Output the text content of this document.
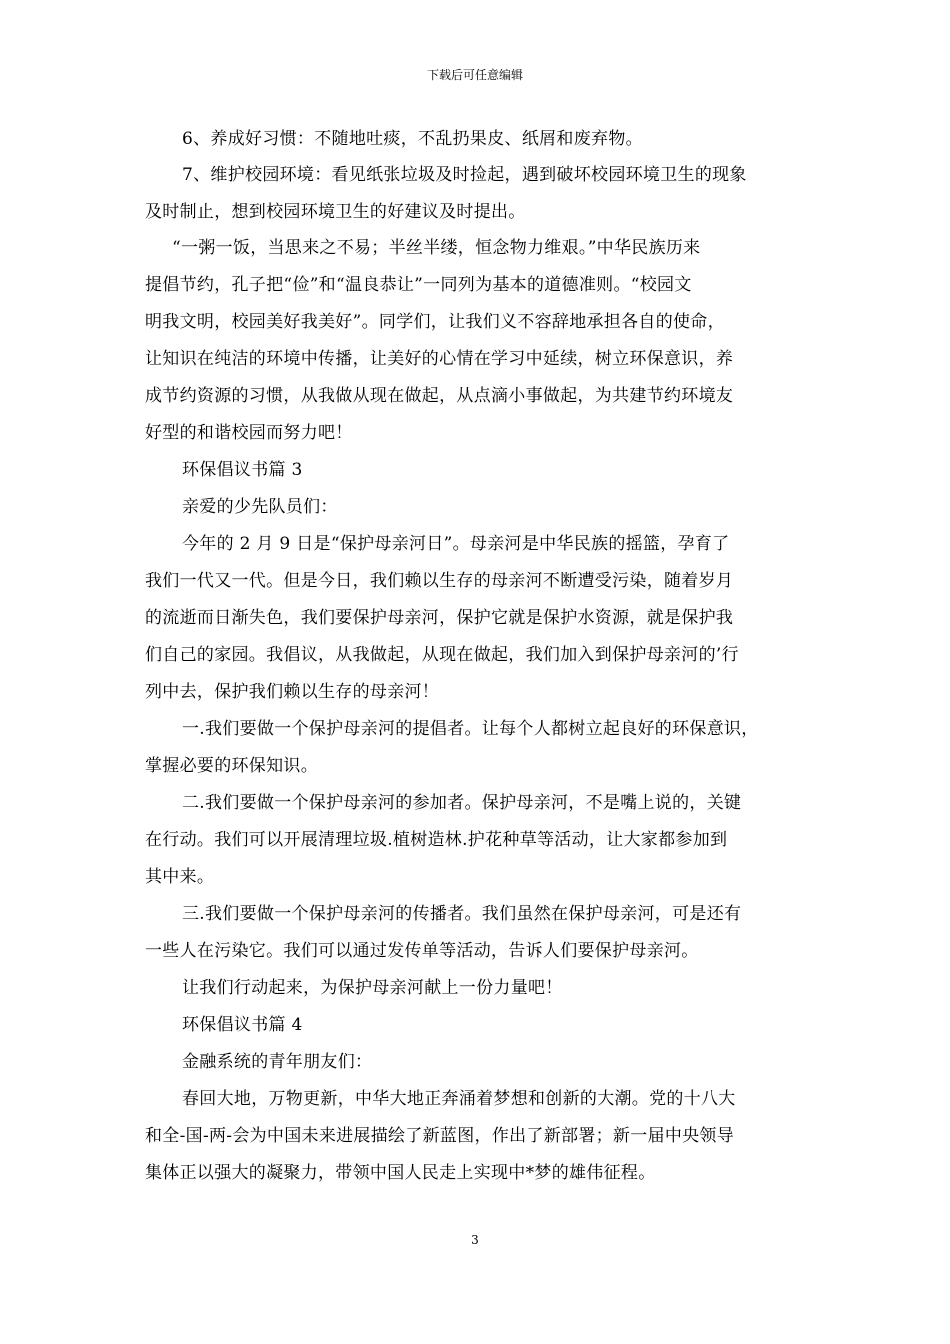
下载后可任意编辑
6、养成好习惯：不随地吐痰，不乱扔果皮、纸屑和废弃物。
7、维护校园环境：看见纸张垃圾及时捡起，遇到破坏校园环境卫生的现象
及时制止，想到校园环境卫生的好建议及时提出。
“一粥一饭，当思来之不易；半丝半缕，恒念物力维艰。”中华民族历来
提倡节约，孔子把“俭”和“温良恭让”一同列为基本的道德准则。“校园文
明我文明，校园美好我美好”。同学们，让我们义不容辞地承担各自的使命，
让知识在纯洁的环境中传播，让美好的心情在学习中延续，树立环保意识，养
成节约资源的习惯，从我做从现在做起，从点滴小事做起，为共建节约环境友
好型的和谐校园而努力吧！
环保倡议书篇 3
亲爱的少先队员们：
今年的 2 月 9 日是“保护母亲河日”。母亲河是中华民族的摇篮，孕育了
我们一代又一代。但是今日，我们赖以生存的母亲河不断遭受污染，随着岁月
的流逝而日渐失色，我们要保护母亲河，保护它就是保护水资源，就是保护我
们自己的家园。我倡议，从我做起，从现在做起，我们加入到保护母亲河的’行
列中去，保护我们赖以生存的母亲河！
一.我们要做一个保护母亲河的提倡者。让每个人都树立起良好的环保意识，
掌握必要的环保知识。
二.我们要做一个保护母亲河的参加者。保护母亲河，不是嘴上说的，关键
在行动。我们可以开展清理垃圾.植树造林.护花种草等活动，让大家都参加到
其中来。
三.我们要做一个保护母亲河的传播者。我们虽然在保护母亲河，可是还有
一些人在污染它。我们可以通过发传单等活动，告诉人们要保护母亲河。
让我们行动起来，为保护母亲河献上一份力量吧！
环保倡议书篇 4
金融系统的青年朋友们：
春回大地，万物更新，中华大地正奔涌着梦想和创新的大潮。党的十八大
和全-国-两-会为中国未来进展描绘了新蓝图，作出了新部署；新一届中央领导
集体正以强大的凝聚力，带领中国人民走上实现中*梦的雄伟征程。
3
